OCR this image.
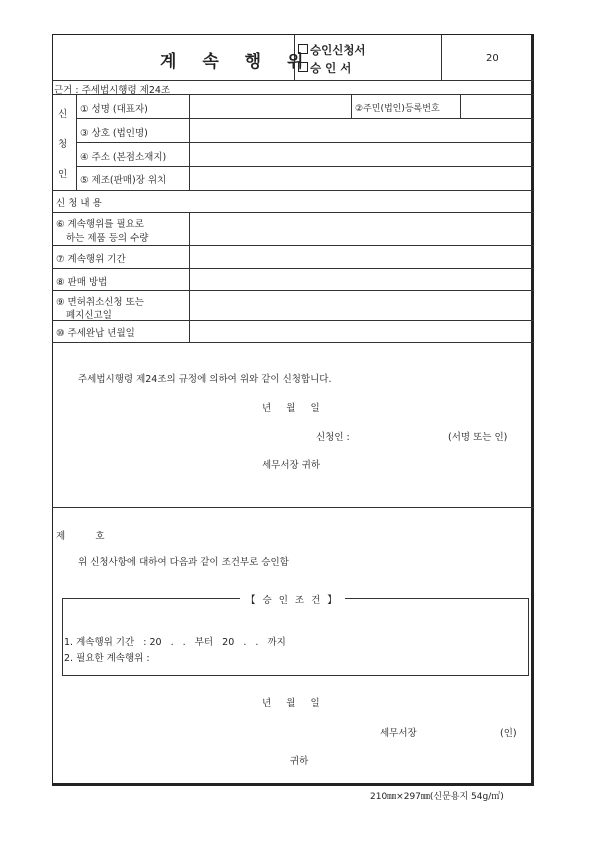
계 속 행 위
승인신청서
승 인 서
20
근거 : 주세법시행령 제24조
신
청
인
① 성명 (대표자)	②주민(법인)등록번호
③ 상호 (법인명)
④ 주소 (본점소재지)
⑤ 제조(판매)장 위치
신 청 내 용
⑥ 계속행위를 필요로
하는 제품 등의 수량
⑦ 계속행위 기간
⑧ 판매 방법
⑨ 면허취소신청 또는
폐지신고일
⑩ 주세완납 년월일
주세법시행령 제24조의 규정에 의하여 위와 같이 신청합니다.
년     월     일
신청인 :	(서명 또는 인)
세무서장 귀하
제          호
위 신청사항에 대하여 다음과 같이 조건부로 승인함
【 승 인 조 건 】
1. 계속행위 기간   : 20   .   .   부터   20   .   .   까지
2. 필요한 계속행위 :
년     월     일
세무서장	(인)
귀하
210㎜×297㎜(신문용지 54g/㎡)
